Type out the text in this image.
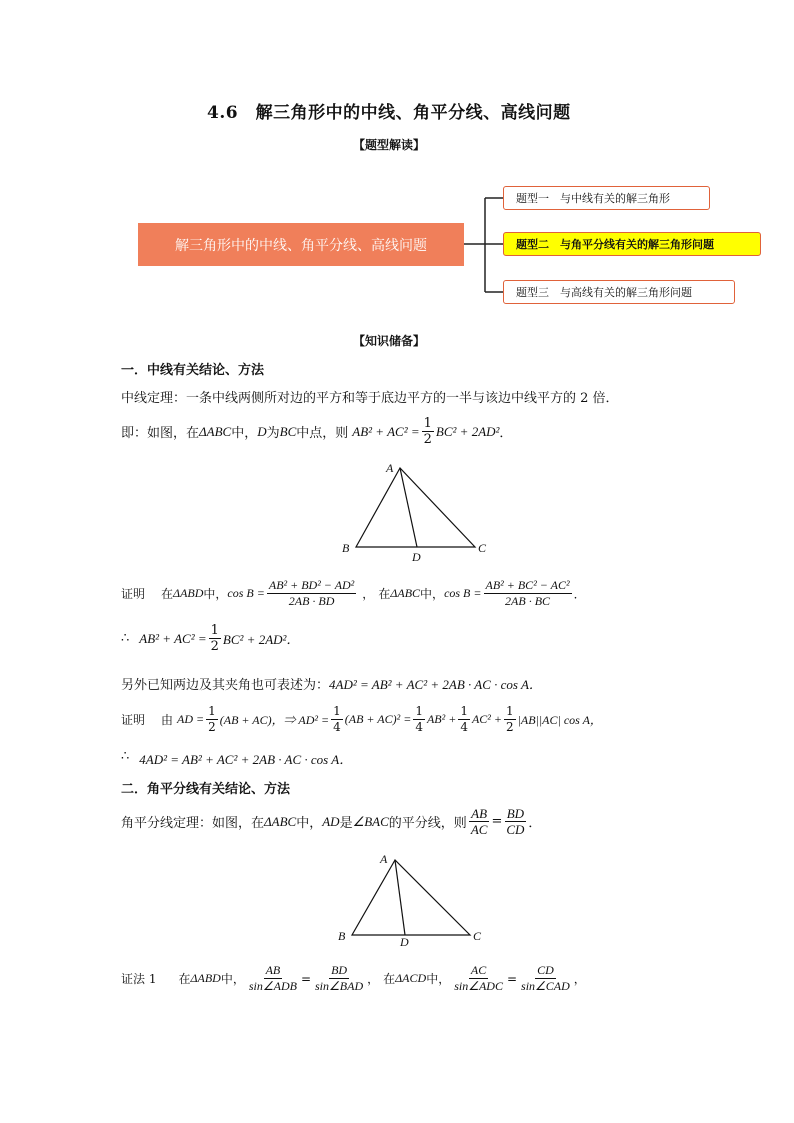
4.6　解三角形中的中线、角平分线、高线问题
【题型解读】
解三角形中的中线、角平分线、高线问题
题型一　与中线有关的解三角形
题型二　与角平分线有关的解三角形问题
题型三　与高线有关的解三角形问题
【知识储备】
一．中线有关结论、方法
中线定理：一条中线两侧所对边的平方和等于底边平方的一半与该边中线平方的 2 倍．
即：如图，在 ΔABC 中， D 为 BC 中点，则 $AB^2 + AC^2 = \frac{1}{2} BC^2 + 2AD^2$ ．
A
B	C
D
证明 在 ΔABD 中， $\cos B = \frac{\text{AB² + BD² − AD²}}{2AB \cdot BD}$ ， 在 ΔABC 中， $\cos B = \frac{\text{AB² + BC² − AC²}}{2AB \cdot BC}$ ．
∴ $AB^2 + AC^2 = \frac{1}{2} BC^2 + 2AD^2$．
另外已知两边及其夹角也可表述为： 4AD² = AB² + AC² + 2AB · AC · cos A．
证明 由 AD = $\frac{1}{2} (AB + AC)$，⇒ $AD^2 = \frac{1}{4} (AB + AC)^2 = \frac{1}{4} AB^2 + \frac{1}{4} AC^2 + \frac{1}{2} |AB||AC|$ cos A，
∴ 4AD² = AB² + AC² + 2AB · AC · cos A．
二．角平分线有关结论、方法
角平分线定理：如图，在 ΔABC 中， AD 是 ∠BAC 的平分线，则 $\frac{AB}{AC} = \frac{BD}{CD}$ ．
A
B	C
D
证法 1 在 ΔABD 中， $\frac{AB}{\text{sin∠ADB}} = \frac{BD}{\text{sin∠BAD}}$ ， 在 ΔACD 中， $\frac{AC}{\text{sin∠ADC}} = \frac{CD}{\text{sin∠CAD}}$ ，
